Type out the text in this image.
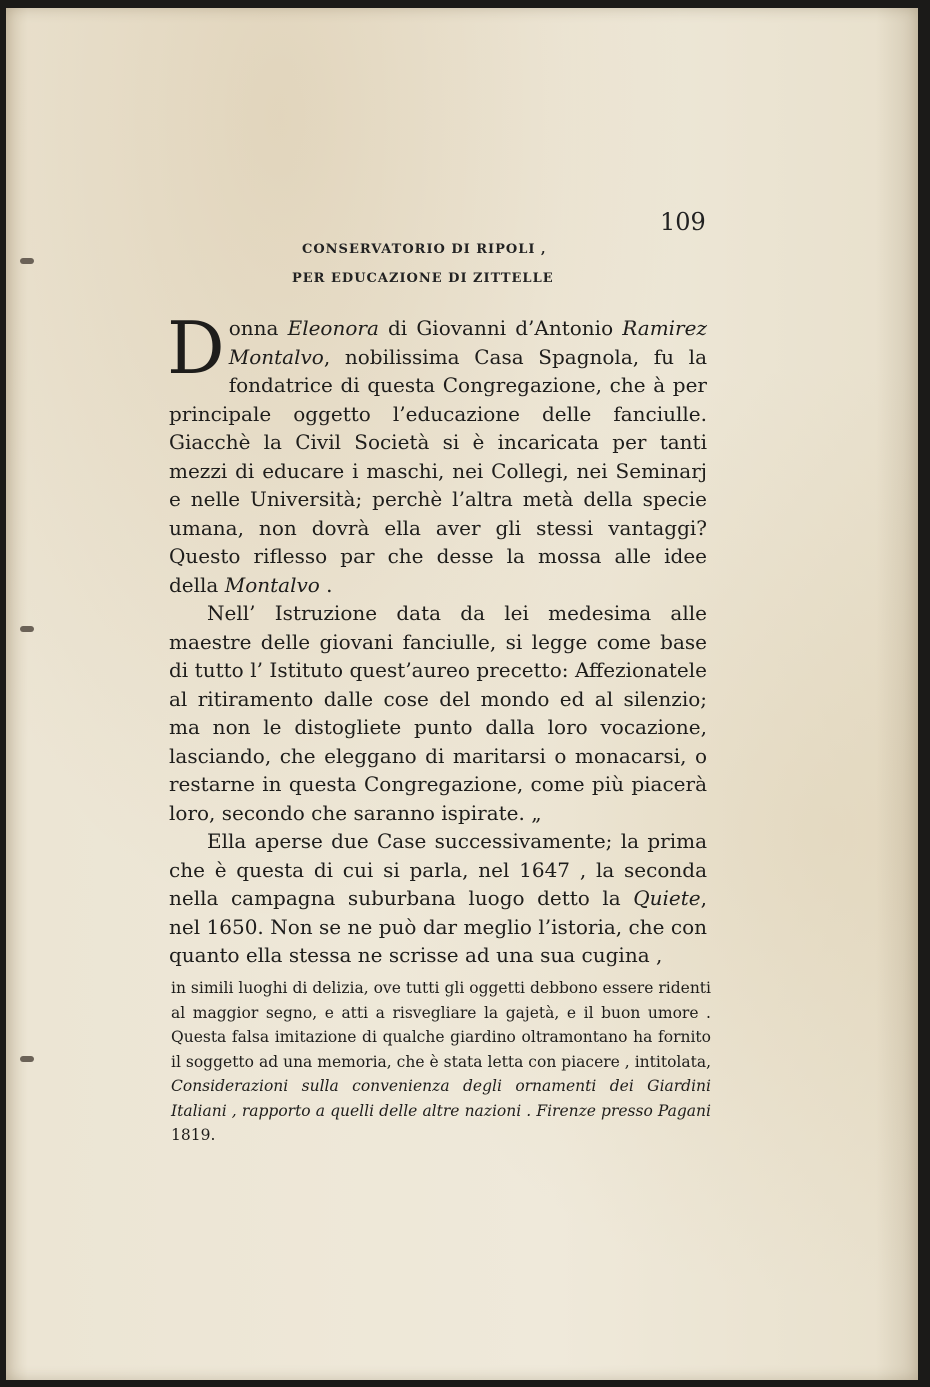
109
CONSERVATORIO DI RIPOLI ,
PER EDUCAZIONE DI ZITTELLE

Donna Eleonora di Giovanni d’Antonio Ramirez Montalvo, nobilissima Casa Spagnola, fu la fondatrice di questa Congregazione, che à per principale oggetto l’educazione delle fanciulle. Giacchè la Civil Società si è incaricata per tanti mezzi di educare i maschi, nei Collegi, nei Seminarj e nelle Università; perchè l’altra metà della specie umana, non dovrà ella aver gli stessi vantaggi? Questo riflesso par che desse la mossa alle idee della Montalvo .

Nell’ Istruzione data da lei medesima alle maestre delle giovani fanciulle, si legge come base di tutto l’ Istituto quest’aureo precetto: Affezionatele al ritiramento dalle cose del mondo ed al silenzio; ma non le distogliete punto dalla loro vocazione, lasciando, che eleggano di maritarsi o monacarsi, o restarne in questa Congregazione, come più piacerà loro, secondo che saranno ispirate. „

Ella aperse due Case successivamente; la prima che è questa di cui si parla, nel 1647 , la seconda nella campagna suburbana luogo detto la Quiete, nel 1650. Non se ne può dar meglio l’istoria, che con quanto ella stessa ne scrisse ad una sua cugina ,

in simili luoghi di delizia, ove tutti gli oggetti debbono essere ridenti al maggior segno, e atti a risvegliare la gajetà, e il buon umore . Questa falsa imitazione di qualche giardino oltramontano ha fornito il soggetto ad una memoria, che è stata letta con piacere , intitolata, Considerazioni sulla convenienza degli ornamenti dei Giardini Italiani , rapporto a quelli delle altre nazioni . Firenze presso Pagani 1819.
